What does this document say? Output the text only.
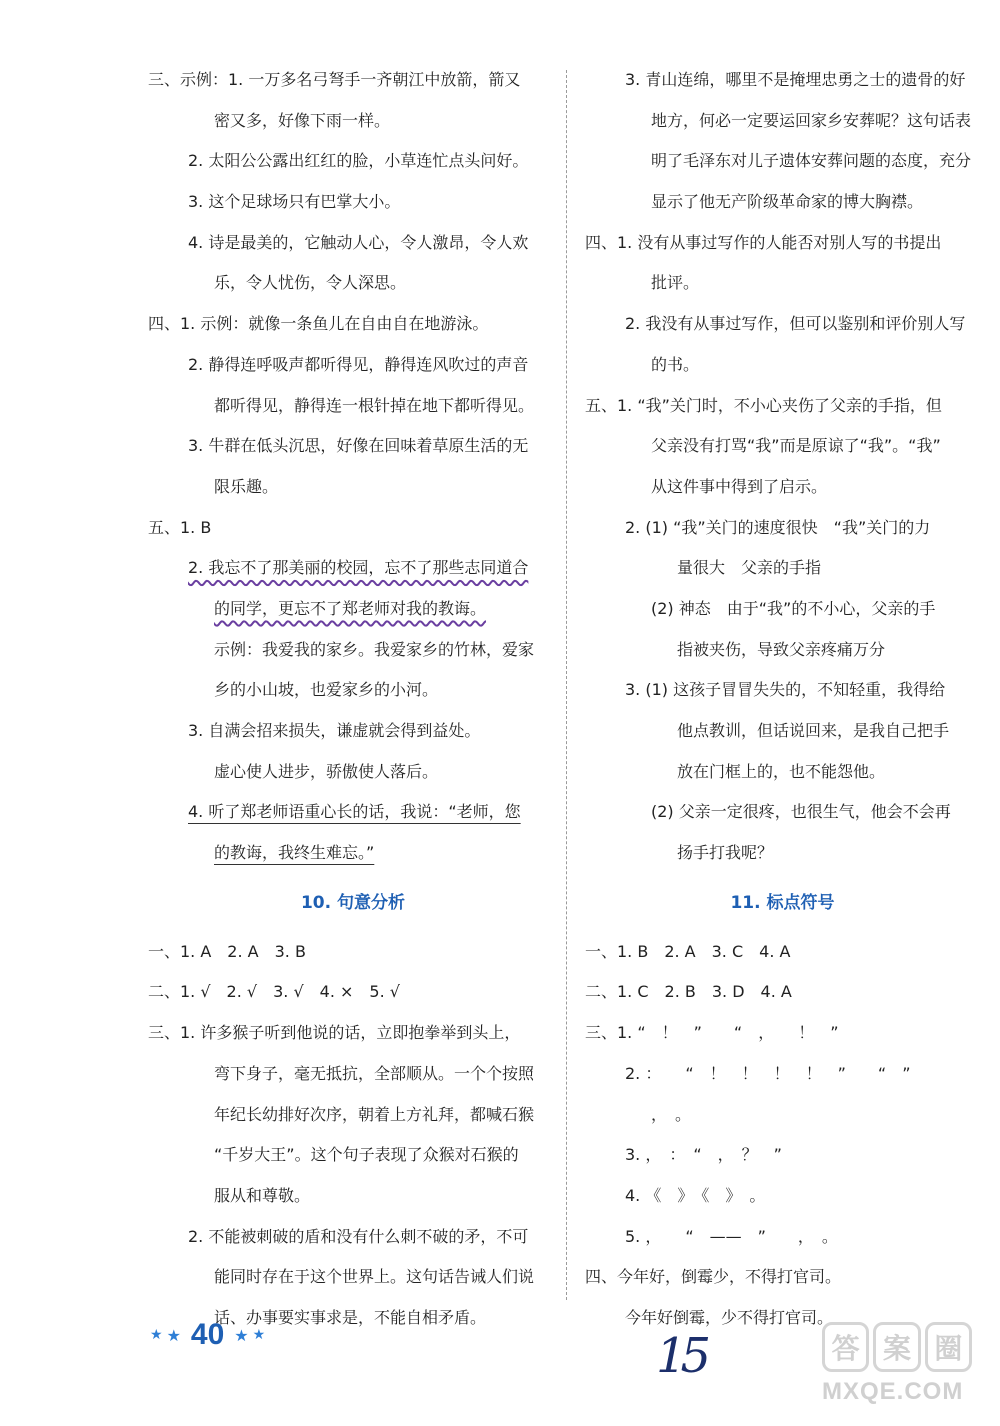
三、示例：1. 一万多名弓弩手一齐朝江中放箭，箭又
密又多，好像下雨一样。
2. 太阳公公露出红红的脸，小草连忙点头问好。
3. 这个足球场只有巴掌大小。
4. 诗是最美的，它触动人心，令人激昂，令人欢
乐，令人忧伤，令人深思。
四、1. 示例：就像一条鱼儿在自由自在地游泳。
2. 静得连呼吸声都听得见，静得连风吹过的声音
都听得见，静得连一根针掉在地下都听得见。
3. 牛群在低头沉思，好像在回味着草原生活的无
限乐趣。
五、1. B
2. 我忘不了那美丽的校园，忘不了那些志同道合
的同学，更忘不了郑老师对我的教诲。
示例：我爱我的家乡。我爱家乡的竹林，爱家
乡的小山坡，也爱家乡的小河。
3. 自满会招来损失，谦虚就会得到益处。
虚心使人进步，骄傲使人落后。
4. 听了郑老师语重心长的话，我说：“老师，您
的教诲，我终生难忘。”
10. 句意分析
一、1. A　2. A　3. B
二、1. √　2. √　3. √　4. ×　5. √
三、1. 许多猴子听到他说的话，立即抱拳举到头上，
弯下身子，毫无抵抗，全部顺从。一个个按照
年纪长幼排好次序，朝着上方礼拜，都喊石猴
“千岁大王”。这个句子表现了众猴对石猴的
服从和尊敬。
2. 不能被刺破的盾和没有什么刺不破的矛，不可
能同时存在于这个世界上。这句话告诫人们说
话、办事要实事求是，不能自相矛盾。
3. 青山连绵，哪里不是掩埋忠勇之士的遗骨的好
地方，何必一定要运回家乡安葬呢？这句话表
明了毛泽东对儿子遗体安葬问题的态度，充分
显示了他无产阶级革命家的博大胸襟。
四、1. 没有从事过写作的人能否对别人写的书提出
批评。
2. 我没有从事过写作，但可以鉴别和评价别人写
的书。
五、1. “我”关门时，不小心夹伤了父亲的手指，但
父亲没有打骂“我”而是原谅了“我”。“我”
从这件事中得到了启示。
2. (1) “我”关门的速度很快　“我”关门的力
量很大　父亲的手指
(2) 神态　由于“我”的不小心，父亲的手
指被夹伤，导致父亲疼痛万分
3. (1) 这孩子冒冒失失的，不知轻重，我得给
他点教训，但话说回来，是我自己把手
放在门框上的，也不能怨他。
(2) 父亲一定很疼，也很生气，他会不会再
扬手打我呢？
11. 标点符号
一、1. B　2. A　3. C　4. A
二、1. C　2. B　3. D　4. A
三、1. “　！　”　　“　，　　！　”
2. ：　　“　！　！　！　！　”　　“　”
，　。
3. ，　：　“　，　？　”
4. 《　》　《　》　。
5. ，　　“　——　”　　，　。
四、今年好，倒霉少，不得打官司。
今年好倒霉，少不得打官司。
★ ★ 40 ★ ★	15	答 案 圈
MXQE.COM
